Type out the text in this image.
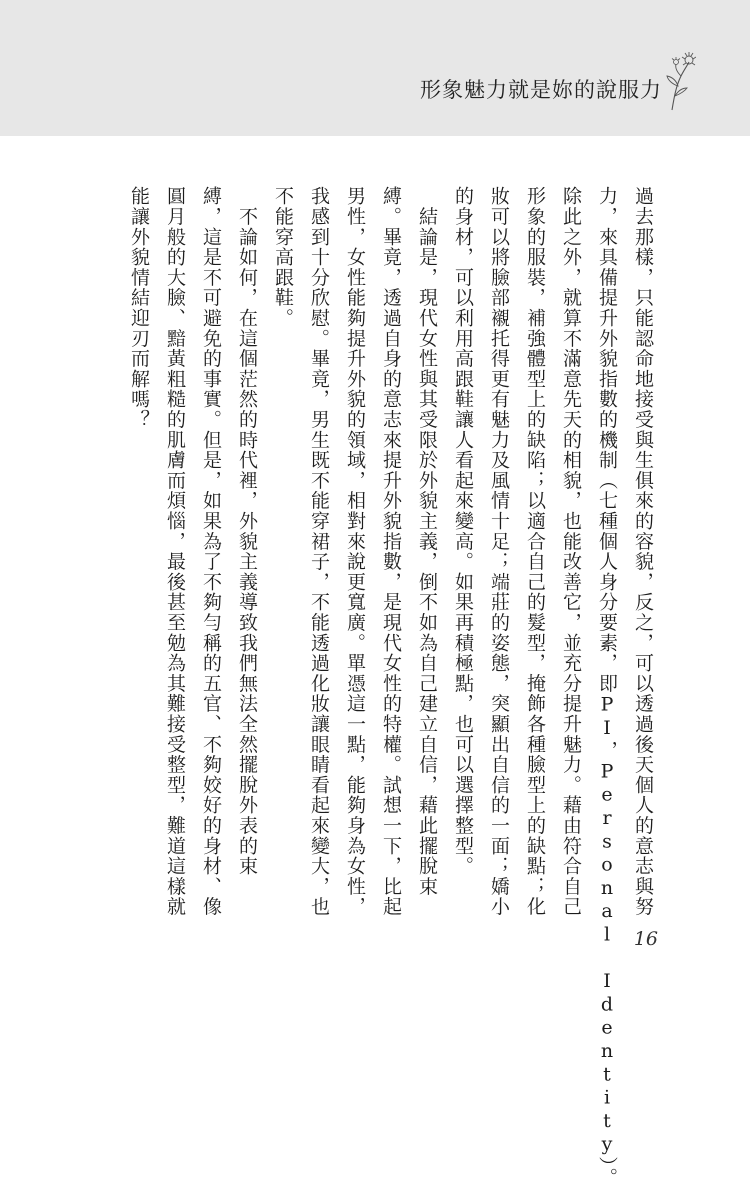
形象魅力就是妳的說服力
過去那樣，只能認命地接受與生俱來的容貌，反之，可以透過後天個人的意志與努
力，來具備提升外貌指數的機制（七種個人身分要素，即PI，Personal Identity）。
除此之外，就算不滿意先天的相貌，也能改善它，並充分提升魅力。藉由符合自己
形象的服裝，補強體型上的缺陷；以適合自己的髮型，掩飾各種臉型上的缺點；化
妝可以將臉部襯托得更有魅力及風情十足；端莊的姿態，突顯出自信的一面；嬌小
的身材，可以利用高跟鞋讓人看起來變高。如果再積極點，也可以選擇整型。
　結論是，現代女性與其受限於外貌主義，倒不如為自己建立自信，藉此擺脫束
縛。畢竟，透過自身的意志來提升外貌指數，是現代女性的特權。試想一下，比起
男性，女性能夠提升外貌的領域，相對來說更寬廣。單憑這一點，能夠身為女性，
我感到十分欣慰。畢竟，男生既不能穿裙子，不能透過化妝讓眼睛看起來變大，也
不能穿高跟鞋。
　不論如何，在這個茫然的時代裡，外貌主義導致我們無法全然擺脫外表的束
縛，這是不可避免的事實。但是，如果為了不夠勻稱的五官、不夠姣好的身材、像
圓月般的大臉、黯黃粗糙的肌膚而煩惱，最後甚至勉為其難接受整型，難道這樣就
能讓外貌情結迎刃而解嗎？
16
